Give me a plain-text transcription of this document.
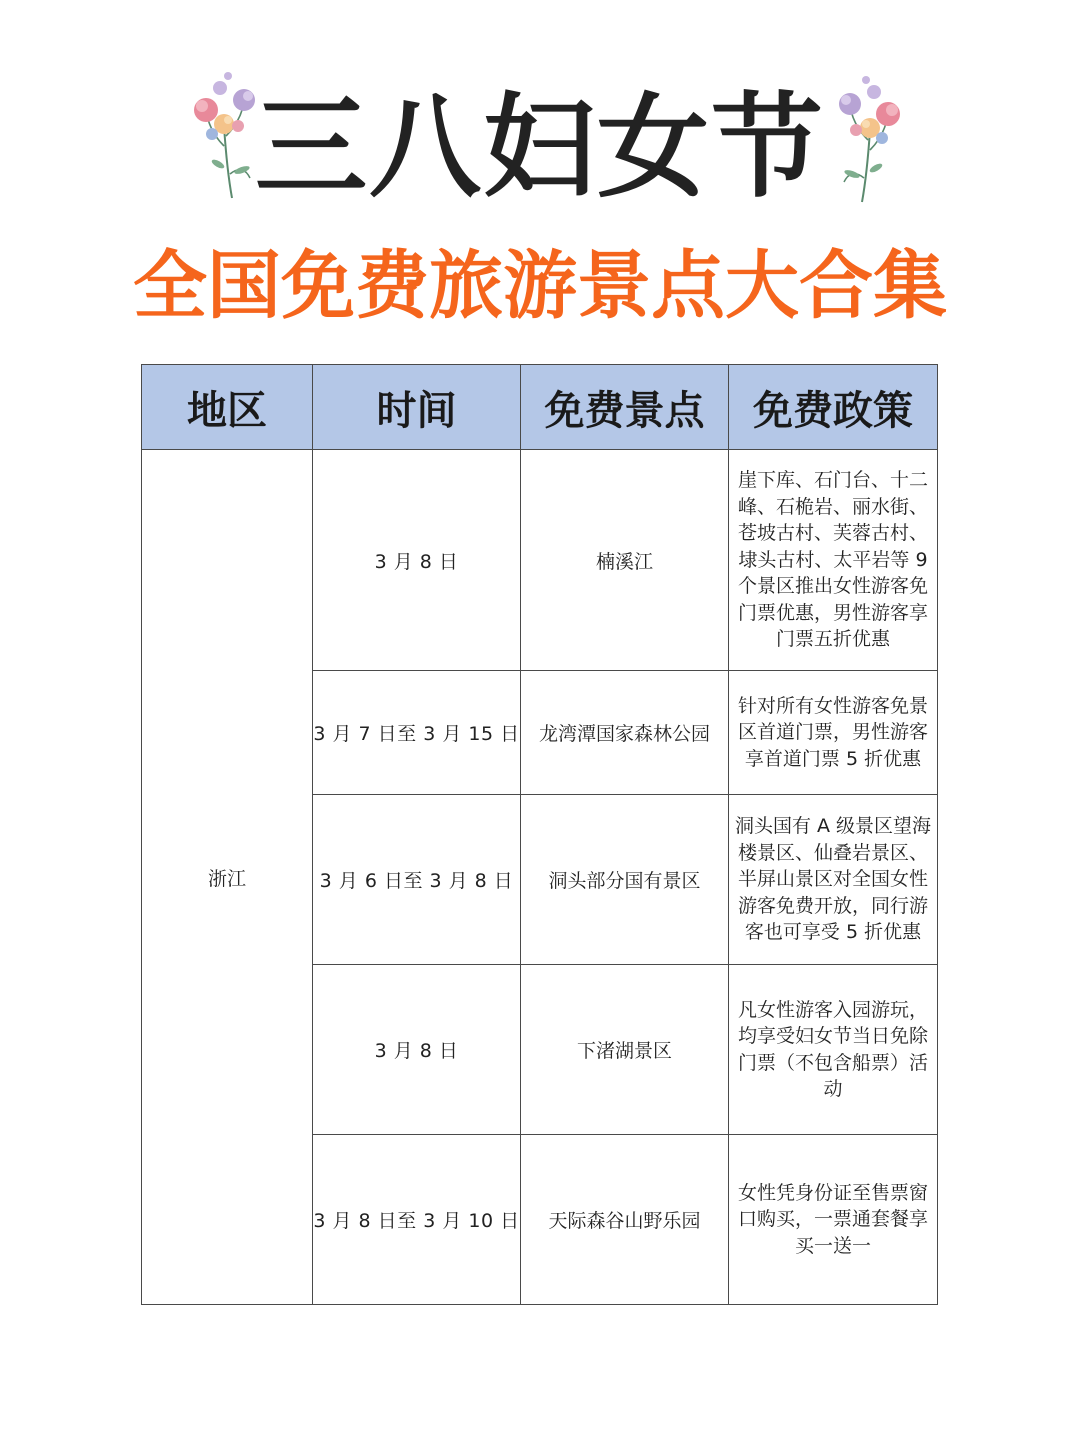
三八妇女节
全国免费旅游景点大合集
地区	时间	免费景点	免费政策
浙江	3 月 8 日	楠溪江	崖下库、石门台、十二峰、石桅岩、丽水街、苍坡古村、芙蓉古村、埭头古村、太平岩等 9 个景区推出女性游客免门票优惠，男性游客享门票五折优惠
	3 月 7 日至 3 月 15 日	龙湾潭国家森林公园	针对所有女性游客免景区首道门票，男性游客享首道门票 5 折优惠
	3 月 6 日至 3 月 8 日	洞头部分国有景区	洞头国有 A 级景区望海楼景区、仙叠岩景区、半屏山景区对全国女性游客免费开放，同行游客也可享受 5 折优惠
	3 月 8 日	下渚湖景区	凡女性游客入园游玩，均享受妇女节当日免除门票（不包含船票）活动
	3 月 8 日至 3 月 10 日	天际森谷山野乐园	女性凭身份证至售票窗口购买，一票通套餐享买一送一
